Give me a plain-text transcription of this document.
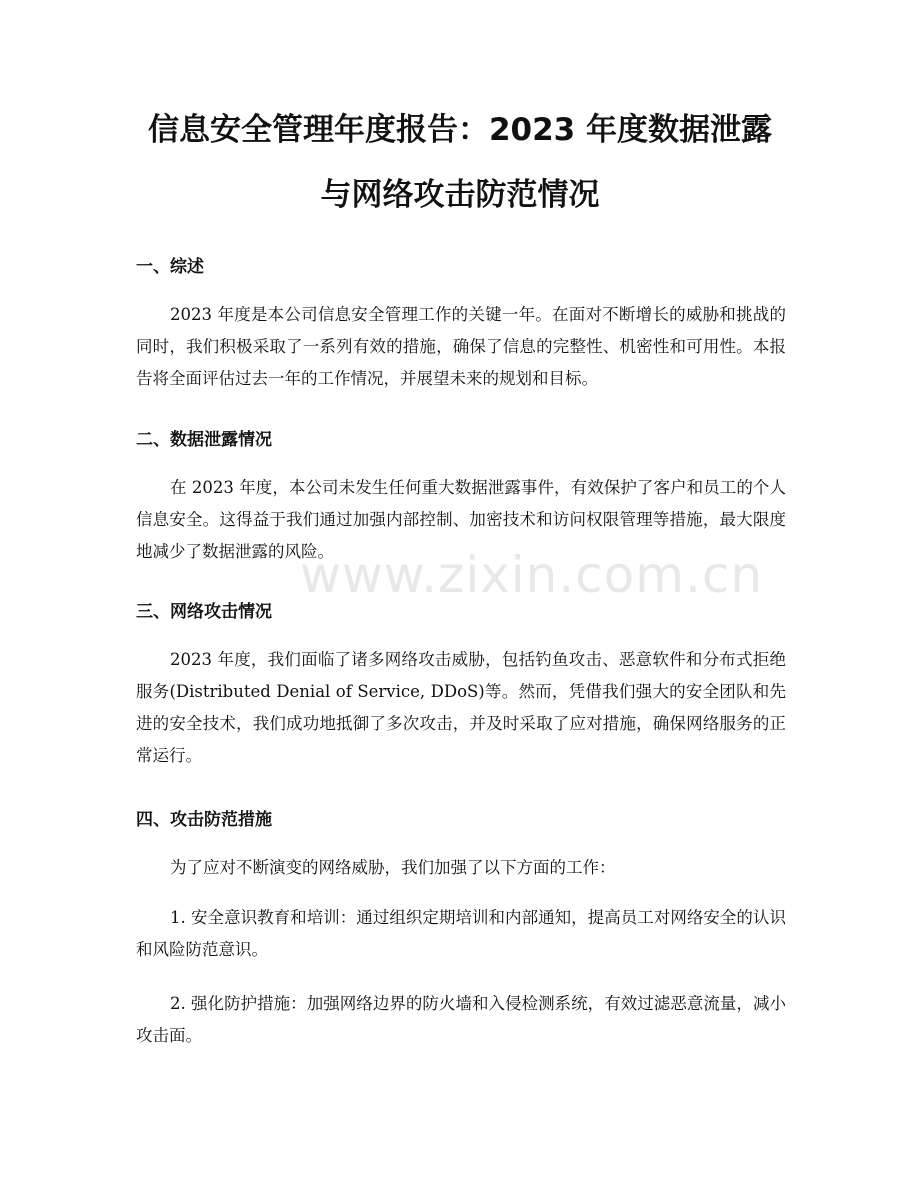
信息安全管理年度报告：2023 年度数据泄露
与网络攻击防范情况
一、综述

2023 年度是本公司信息安全管理工作的关键一年。在面对不断增长的威胁和挑战的同时，我们积极采取了一系列有效的措施，确保了信息的完整性、机密性和可用性。本报告将全面评估过去一年的工作情况，并展望未来的规划和目标。

二、数据泄露情况

在 2023 年度，本公司未发生任何重大数据泄露事件，有效保护了客户和员工的个人信息安全。这得益于我们通过加强内部控制、加密技术和访问权限管理等措施，最大限度地减少了数据泄露的风险。

三、网络攻击情况

2023 年度，我们面临了诸多网络攻击威胁，包括钓鱼攻击、恶意软件和分布式拒绝服务(Distributed Denial of Service, DDoS)等。然而，凭借我们强大的安全团队和先进的安全技术，我们成功地抵御了多次攻击，并及时采取了应对措施，确保网络服务的正常运行。

四、攻击防范措施

为了应对不断演变的网络威胁，我们加强了以下方面的工作：

1. 安全意识教育和培训：通过组织定期培训和内部通知，提高员工对网络安全的认识和风险防范意识。

2. 强化防护措施：加强网络边界的防火墙和入侵检测系统，有效过滤恶意流量，减小攻击面。

www.zixin.com.cn
